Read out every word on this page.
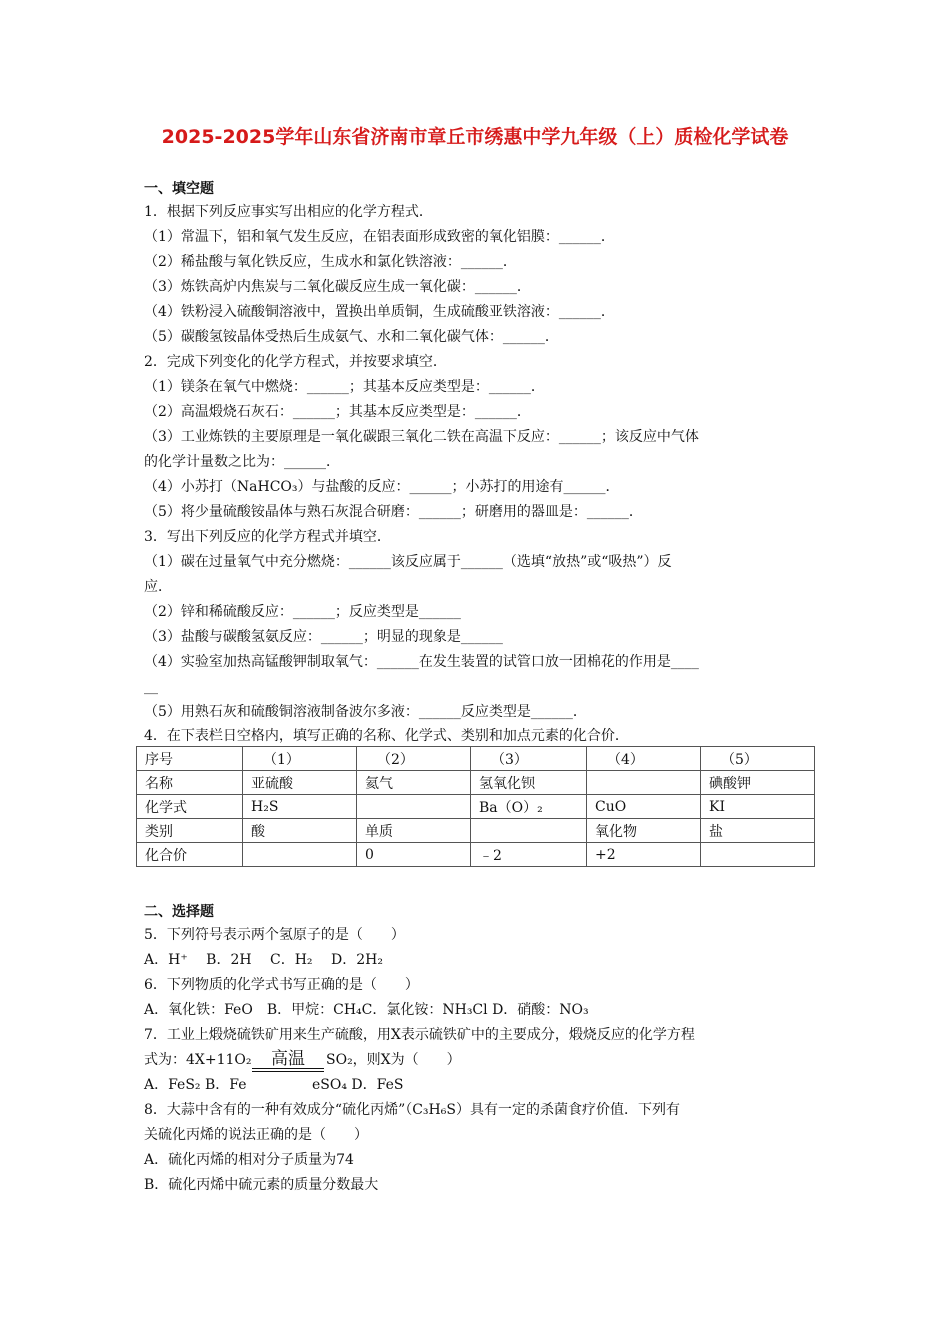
2025-2025学年山东省济南市章丘市绣惠中学九年级（上）质检化学试卷
一、填空题
1．根据下列反应事实写出相应的化学方程式．
（1）常温下，铝和氧气发生反应，在铝表面形成致密的氧化铝膜：______．
（2）稀盐酸与氧化铁反应，生成水和氯化铁溶液：______．
（3）炼铁高炉内焦炭与二氧化碳反应生成一氧化碳：______．
（4）铁粉浸入硫酸铜溶液中，置换出单质铜，生成硫酸亚铁溶液：______．
（5）碳酸氢铵晶体受热后生成氨气、水和二氧化碳气体：______．
2．完成下列变化的化学方程式，并按要求填空．
（1）镁条在氧气中燃烧：______；其基本反应类型是：______．
（2）高温煅烧石灰石：______；其基本反应类型是：______．
（3）工业炼铁的主要原理是一氧化碳跟三氧化二铁在高温下反应：______；该反应中气体
的化学计量数之比为：______．
（4）小苏打（NaHCO₃）与盐酸的反应：______；小苏打的用途有______．
（5）将少量硫酸铵晶体与熟石灰混合研磨：______；研磨用的器皿是：______．
3．写出下列反应的化学方程式并填空．
（1）碳在过量氧气中充分燃烧：______该反应属于______（选填“放热”或“吸热”）反
应．
（2）锌和稀硫酸反应：______；反应类型是______
（3）盐酸与碳酸氢氨反应：______；明显的现象是______
（4）实验室加热高锰酸钾制取氧气：______在发生装置的试管口放一团棉花的作用是____
__
（5）用熟石灰和硫酸铜溶液制备波尔多液：______反应类型是______．
4．在下表栏日空格内，填写正确的名称、化学式、类别和加点元素的化合价．
序号	（1）	（2）	（3）	（4）	（5）
名称	亚硫酸	氦气	氢氧化钡		碘酸钾
化学式	H₂S		Ba（O）₂	CuO	KI
类别	酸	单质		氧化物	盐
化合价		0	﹣2	+2	
二、选择题
5．下列符号表示两个氢原子的是（　　）
A．H⁺　 B．2H　 C．H₂　 D．2H₂
6．下列物质的化学式书写正确的是（　　）
A．氧化铁：FeO　B．甲烷：CH₄C．氯化铵：NH₃Cl D．硝酸：NO₃
7．工业上煅烧硫铁矿用来生产硫酸，用X表示硫铁矿中的主要成分，煅烧反应的化学方程
式为：4X+11O₂	SO₂，则X为（　　）
A．FeS₂ B．Fe	eSO₄ D．FeS
高温
8．大蒜中含有的一种有效成分“硫化丙烯”（C₃H₆S）具有一定的杀菌食疗价值．下列有
关硫化丙烯的说法正确的是（　　）
A．硫化丙烯的相对分子质量为74
B．硫化丙烯中硫元素的质量分数最大
